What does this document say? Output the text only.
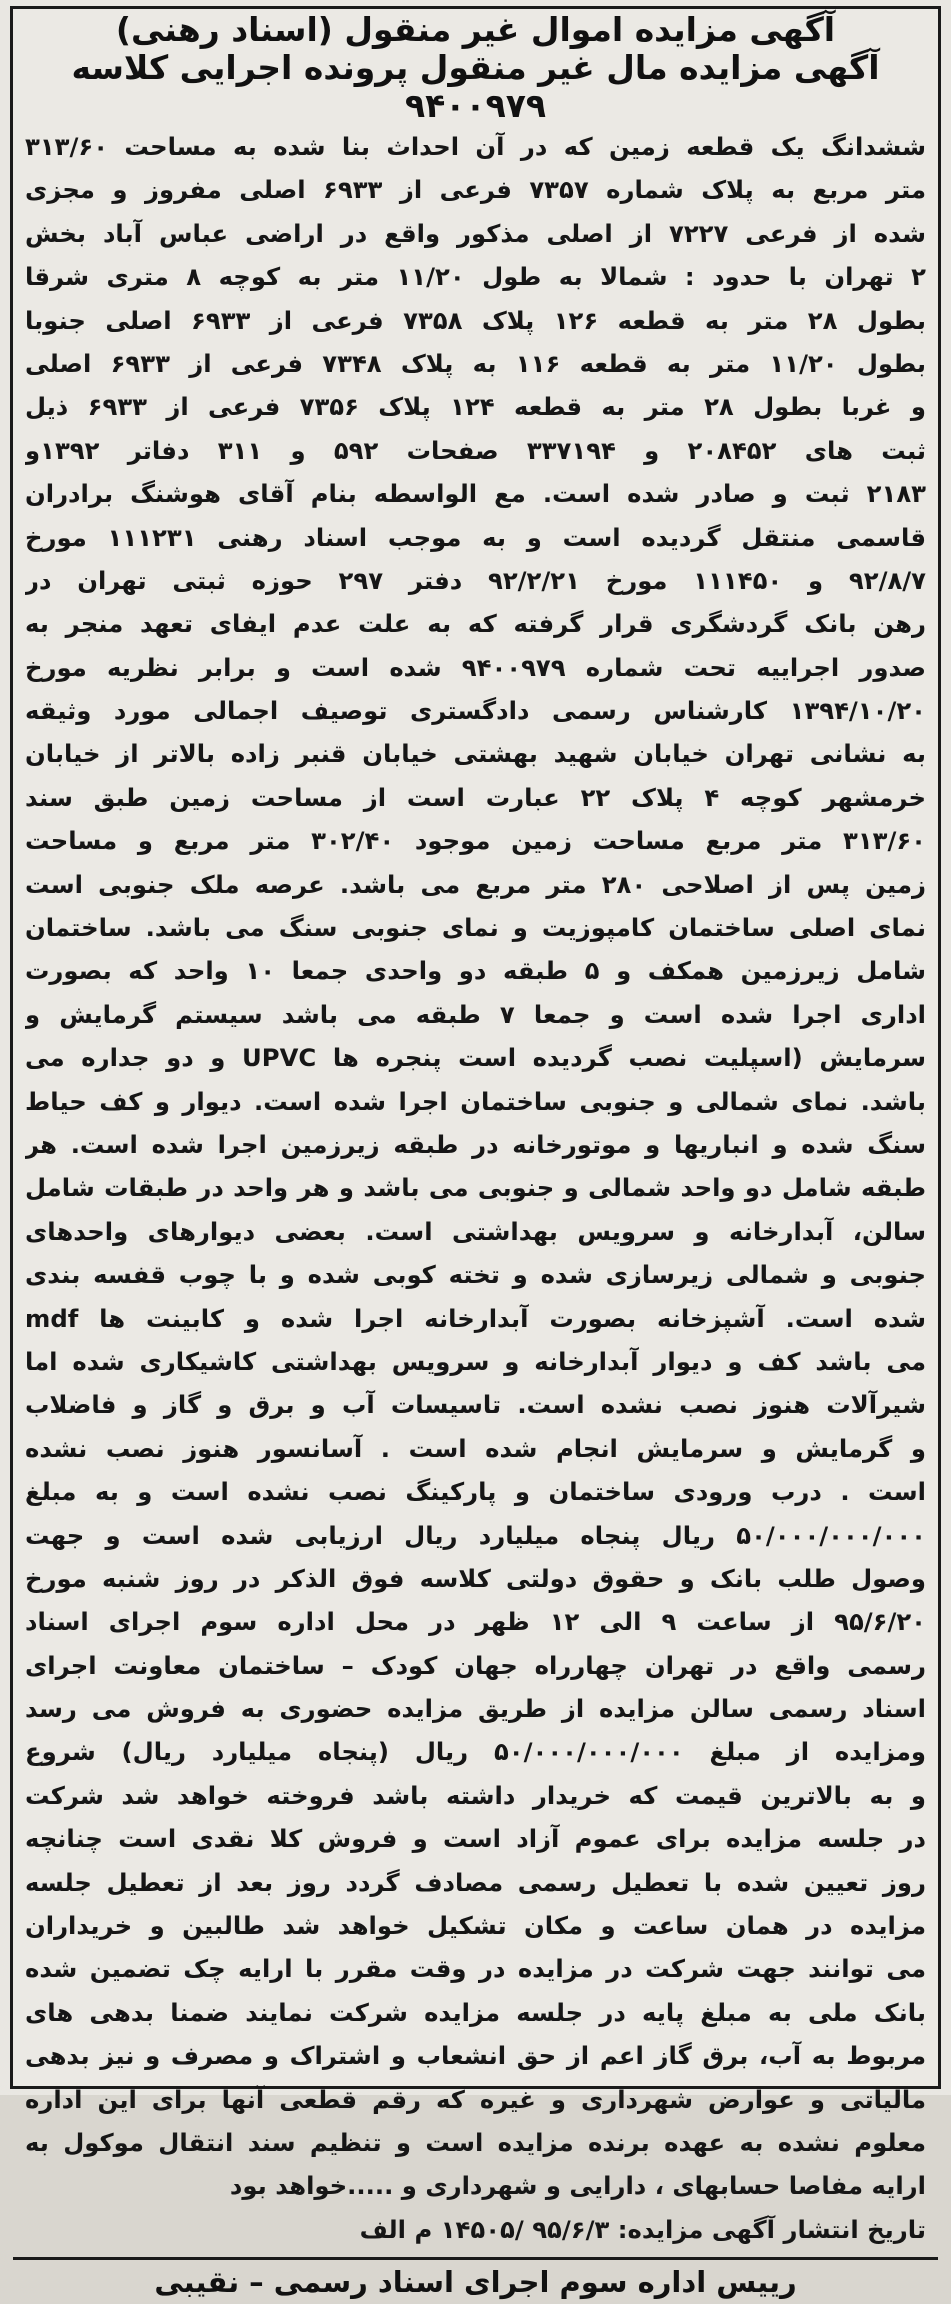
آگهی مزایده اموال غیر منقول (اسناد رهنی)
آگهی مزایده مال غیر منقول پرونده اجرایی کلاسه ۹۴۰۰۹۷۹
ششدانگ یک قطعه زمین که در آن احداث بنا شده به مساحت ۳۱۳/۶۰
متر مربع به پلاک شماره ۷۳۵۷ فرعی از ۶۹۳۳ اصلی مفروز و مجزی
شده از فرعی ۷۲۲۷ از اصلی مذکور واقع در اراضی عباس آباد بخش
۲ تهران با حدود : شمالا به طول ۱۱/۲۰ متر به کوچه ۸ متری شرقا
بطول ۲۸ متر به قطعه ۱۲۶ پلاک ۷۳۵۸ فرعی از ۶۹۳۳ اصلی جنوبا
بطول ۱۱/۲۰ متر به قطعه ۱۱۶ به پلاک ۷۳۴۸ فرعی از ۶۹۳۳ اصلی
و غربا بطول ۲۸ متر به قطعه ۱۲۴ پلاک ۷۳۵۶ فرعی از ۶۹۳۳ ذیل
ثبت های ۲۰۸۴۵۲ و ۳۳۷۱۹۴ صفحات ۵۹۲ و ۳۱۱ دفاتر ۱۳۹۲و
۲۱۸۳ ثبت و صادر شده است. مع الواسطه بنام آقای هوشنگ برادران
قاسمی منتقل گردیده است و به موجب اسناد رهنی ۱۱۱۲۳۱ مورخ
۹۲/۸/۷ و ۱۱۱۴۵۰ مورخ ۹۲/۲/۲۱ دفتر ۲۹۷ حوزه ثبتی تهران در
رهن بانک گردشگری قرار گرفته که به علت عدم ایفای تعهد منجر به
صدور اجراییه تحت شماره ۹۴۰۰۹۷۹ شده است و برابر نظریه مورخ
۱۳۹۴/۱۰/۲۰ کارشناس رسمی دادگستری توصیف اجمالی مورد وثیقه
به نشانی تهران خیابان شهید بهشتی خیابان قنبر زاده بالاتر از خیابان
خرمشهر کوچه ۴ پلاک ۲۲ عبارت است از مساحت زمین طبق سند
۳۱۳/۶۰ متر مربع مساحت زمین موجود ۳۰۲/۴۰ متر مربع و مساحت
زمین پس از اصلاحی ۲۸۰ متر مربع می باشد. عرصه ملک جنوبی است
نمای اصلی ساختمان کامپوزیت و نمای جنوبی سنگ می باشد. ساختمان
شامل زیرزمین همکف و ۵ طبقه دو واحدی جمعا ۱۰ واحد که بصورت
اداری اجرا شده است و جمعا ۷ طبقه می باشد سیستم گرمایش و
سرمایش (اسپلیت نصب گردیده است پنجره ها UPVC و دو جداره می
باشد. نمای شمالی و جنوبی ساختمان اجرا شده است. دیوار و کف حیاط
سنگ شده و انباریها و موتورخانه در طبقه زیرزمین اجرا شده است. هر
طبقه شامل دو واحد شمالی و جنوبی می باشد و هر واحد در طبقات شامل
سالن، آبدارخانه و سرویس بهداشتی است. بعضی دیوارهای واحدهای
جنوبی و شمالی زیرسازی شده و تخته کوبی شده و با چوب قفسه بندی
شده است. آشپزخانه بصورت آبدارخانه اجرا شده و کابینت ها mdf
می باشد کف و دیوار آبدارخانه و سرویس بهداشتی کاشیکاری شده اما
شیرآلات هنوز نصب نشده است. تاسیسات آب و برق و گاز و فاضلاب
و گرمایش و سرمایش انجام شده است . آسانسور هنوز نصب نشده
است . درب ورودی ساختمان و پارکینگ نصب نشده است و به مبلغ
۵۰/۰۰۰/۰۰۰/۰۰۰ ریال پنجاه میلیارد ریال ارزیابی شده است و جهت
وصول طلب بانک و حقوق دولتی کلاسه فوق الذکر در روز شنبه مورخ
۹۵/۶/۲۰ از ساعت ۹ الی ۱۲ ظهر در محل اداره سوم اجرای اسناد
رسمی واقع در تهران چهارراه جهان کودک – ساختمان معاونت اجرای
اسناد رسمی سالن مزایده از طریق مزایده حضوری به فروش می رسد
ومزایده از مبلغ ۵۰/۰۰۰/۰۰۰/۰۰۰ ریال (پنجاه میلیارد ریال) شروع
و به بالاترین قیمت که خریدار داشته باشد فروخته خواهد شد شرکت
در جلسه مزایده برای عموم آزاد است و فروش کلا نقدی است چنانچه
روز تعیین شده با تعطیل رسمی مصادف گردد روز بعد از تعطیل جلسه
مزایده در همان ساعت و مکان تشکیل خواهد شد طالبین و خریداران
می توانند جهت شرکت در مزایده در وقت مقرر با ارایه چک تضمین شده
بانک ملی به مبلغ پایه در جلسه مزایده شرکت نمایند ضمنا بدهی های
مربوط به آب، برق گاز اعم از حق انشعاب و اشتراک و مصرف و نیز بدهی
مالیاتی و عوارض شهرداری و غیره که رقم قطعی آنها برای این اداره
معلوم نشده به عهده برنده مزایده است و تنظیم سند انتقال موکول به
ارایه مفاصا حسابهای ، دارایی و شهرداری و .....خواهد بود
تاریخ انتشار آگهی مزایده: ۹۵/۶/۳ /۱۴۵۰۵ م الف
رییس اداره سوم اجرای اسناد رسمی – نقیبی
